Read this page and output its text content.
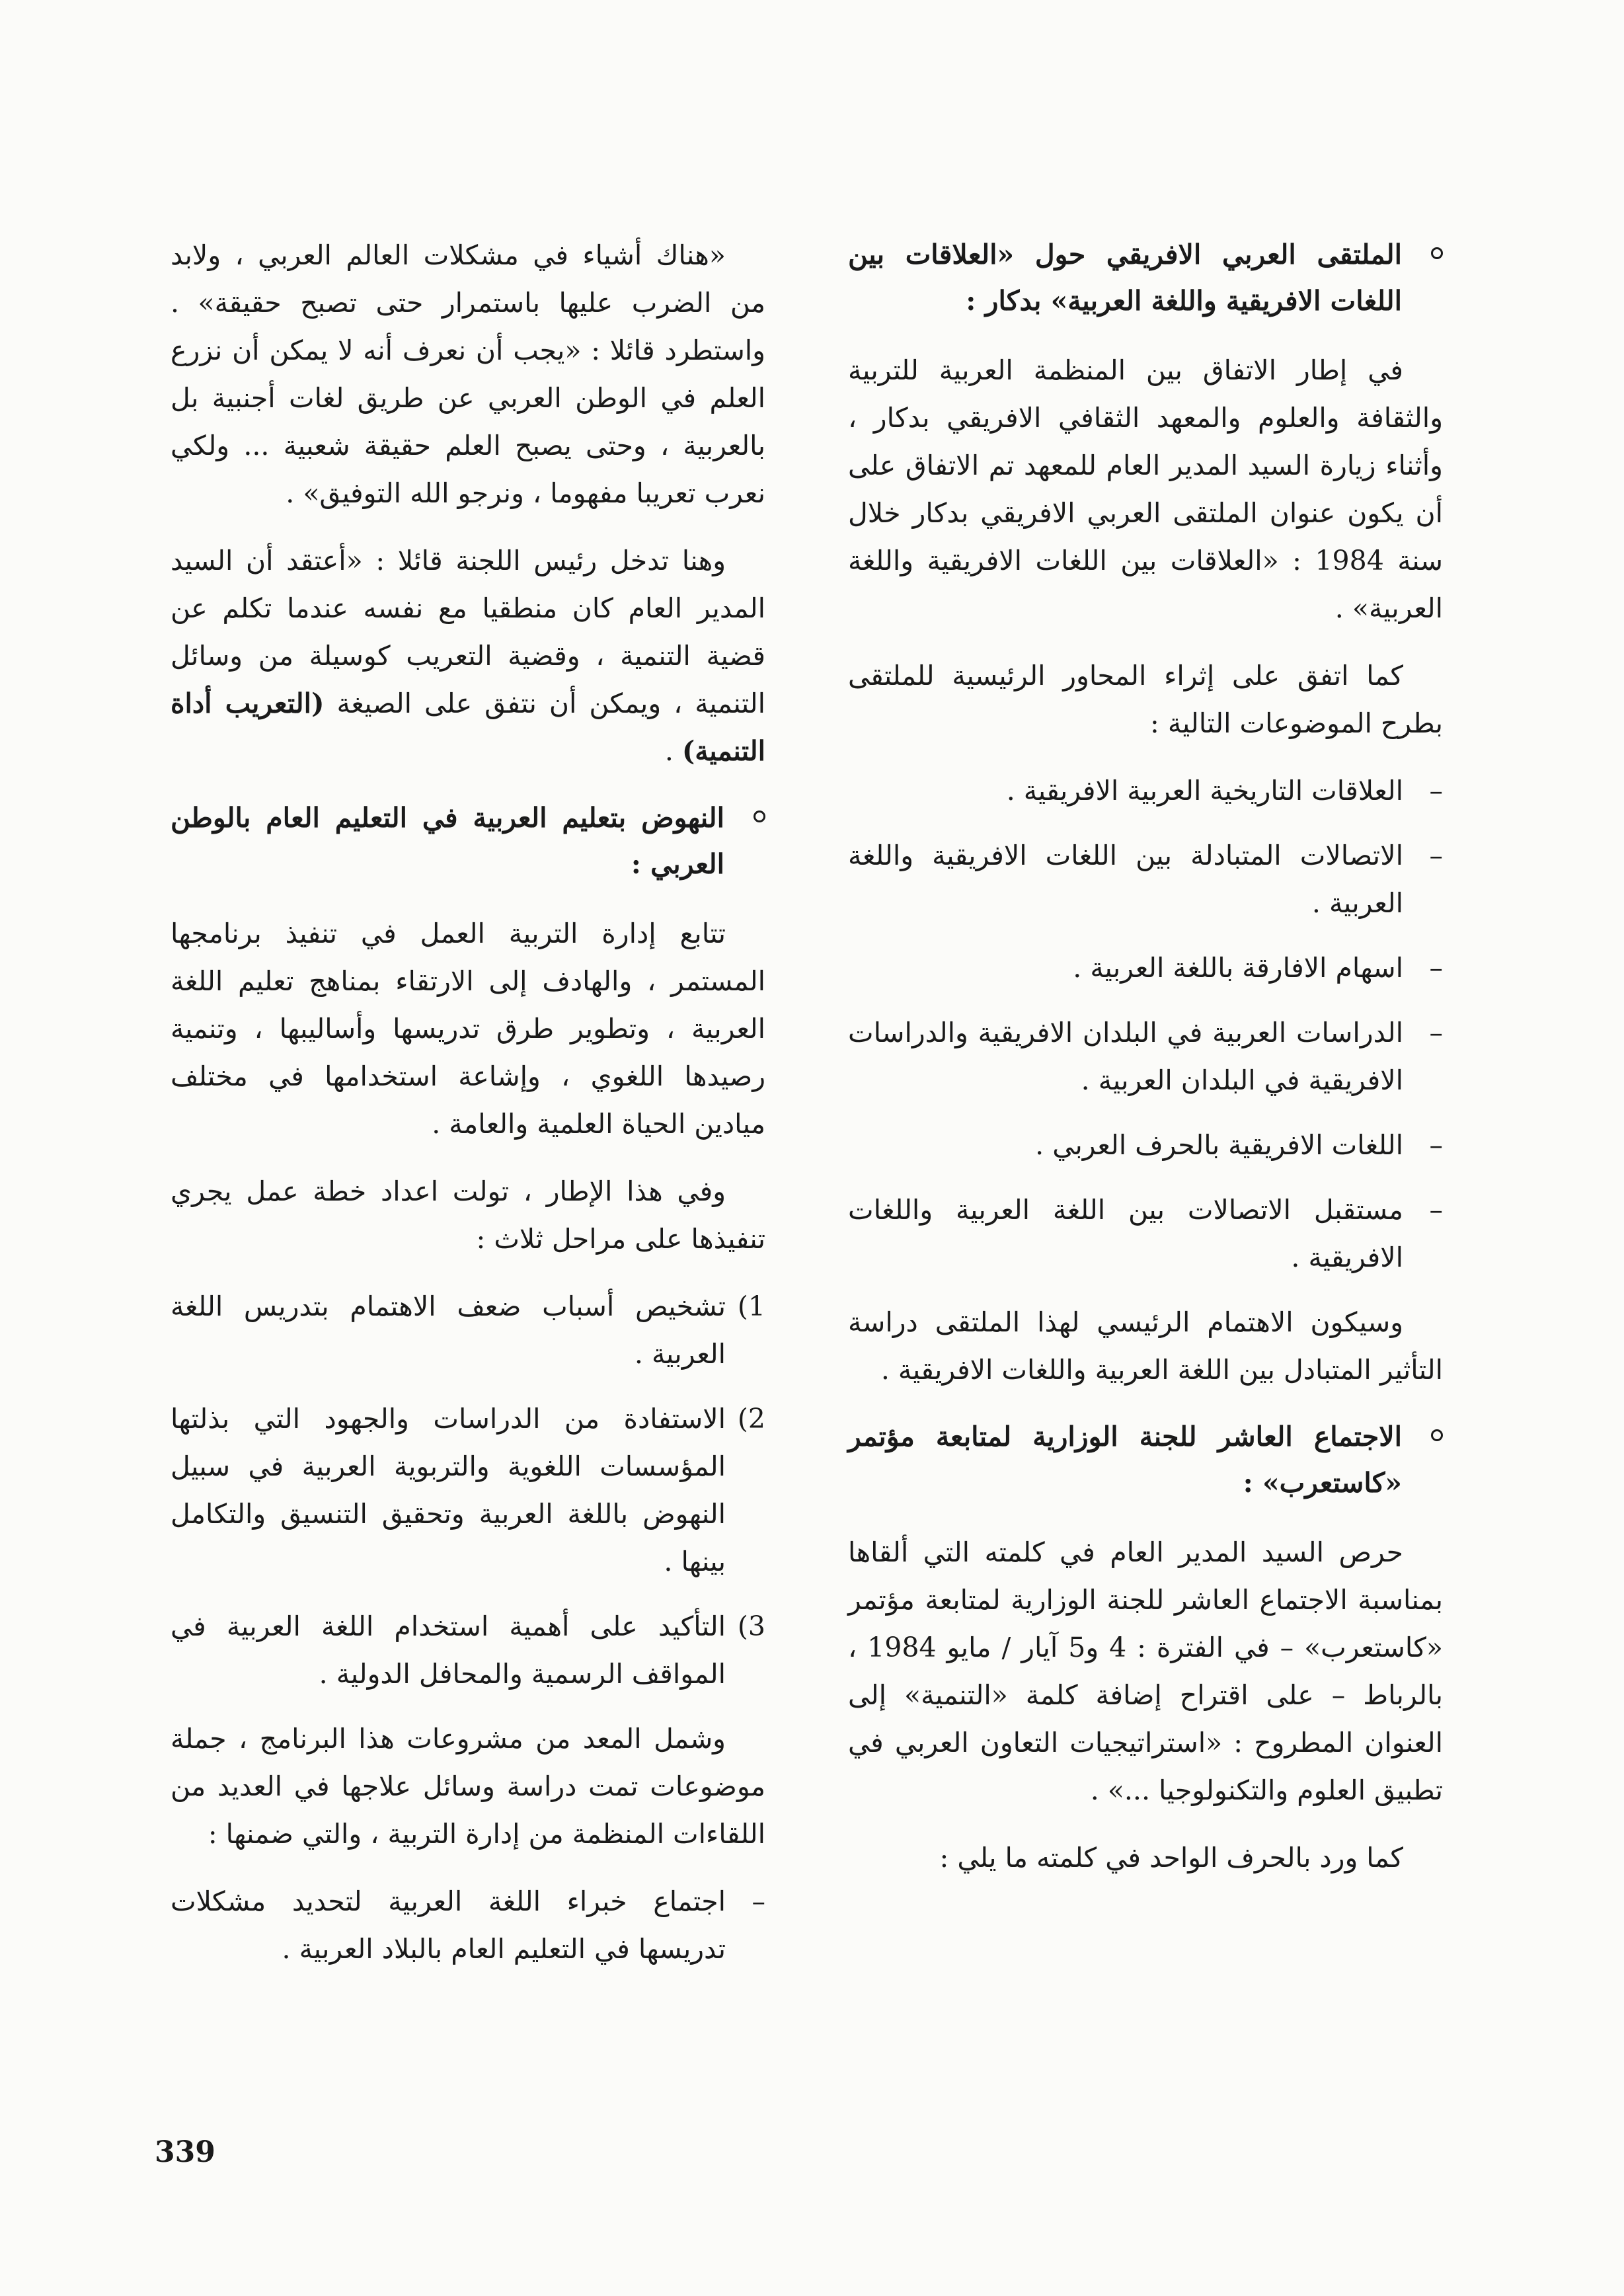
الملتقى العربي الافريقي حول «العلاقات بين اللغات الافريقية واللغة العربية» بدكار :

في إطار الاتفاق بين المنظمة العربية للتربية والثقافة والعلوم والمعهد الثقافي الافريقي بدكار ، وأثناء زيارة السيد المدير العام للمعهد تم الاتفاق على أن يكون عنوان الملتقى العربي الافريقي بدكار خلال سنة 1984 : «العلاقات بين اللغات الافريقية واللغة العربية» .

كما اتفق على إثراء المحاور الرئيسية للملتقى بطرح الموضوعات التالية :

–
العلاقات التاريخية العربية الافريقية .
–
الاتصالات المتبادلة بين اللغات الافريقية واللغة العربية .
–
اسهام الافارقة باللغة العربية .
–
الدراسات العربية في البلدان الافريقية والدراسات الافريقية في البلدان العربية .
–
اللغات الافريقية بالحرف العربي .
–
مستقبل الاتصالات بين اللغة العربية واللغات الافريقية .

وسيكون الاهتمام الرئيسي لهذا الملتقى دراسة التأثير المتبادل بين اللغة العربية واللغات الافريقية .

الاجتماع العاشر للجنة الوزارية لمتابعة مؤتمر «كاستعرب» :

حرص السيد المدير العام في كلمته التي ألقاها بمناسبة الاجتماع العاشر للجنة الوزارية لمتابعة مؤتمر «كاستعرب» – في الفترة : 4 و5 آيار / مايو 1984 ، بالرباط – على اقتراح إضافة كلمة «التنمية» إلى العنوان المطروح : «استراتيجيات التعاون العربي في تطبيق العلوم والتكنولوجيا ...» .

كما ورد بالحرف الواحد في كلمته ما يلي :

«هناك أشياء في مشكلات العالم العربي ، ولابد من الضرب عليها باستمرار حتى تصبح حقيقة» . واستطرد قائلا : «يجب أن نعرف أنه لا يمكن أن نزرع العلم في الوطن العربي عن طريق لغات أجنبية بل بالعربية ، وحتى يصبح العلم حقيقة شعبية ... ولكي نعرب تعريبا مفهوما ، ونرجو الله التوفيق» .

وهنا تدخل رئيس اللجنة قائلا : «أعتقد أن السيد المدير العام كان منطقيا مع نفسه عندما تكلم عن قضية التنمية ، وقضية التعريب كوسيلة من وسائل التنمية ، ويمكن أن نتفق على الصيغة (التعريب أداة التنمية) .

النهوض بتعليم العربية في التعليم العام بالوطن العربي :

تتابع إدارة التربية العمل في تنفيذ برنامجها المستمر ، والهادف إلى الارتقاء بمناهج تعليم اللغة العربية ، وتطوير طرق تدريسها وأساليبها ، وتنمية رصيدها اللغوي ، وإشاعة استخدامها في مختلف ميادين الحياة العلمية والعامة .

وفي هذا الإطار ، تولت اعداد خطة عمل يجري تنفيذها على مراحل ثلاث :

1)
تشخيص أسباب ضعف الاهتمام بتدريس اللغة العربية .
2)
الاستفادة من الدراسات والجهود التي بذلتها المؤسسات اللغوية والتربوية العربية في سبيل النهوض باللغة العربية وتحقيق التنسيق والتكامل بينها .
3)
التأكيد على أهمية استخدام اللغة العربية في المواقف الرسمية والمحافل الدولية .

وشمل المعد من مشروعات هذا البرنامج ، جملة موضوعات تمت دراسة وسائل علاجها في العديد من اللقاءات المنظمة من إدارة التربية ، والتي ضمنها :

–
اجتماع خبراء اللغة العربية لتحديد مشكلات تدريسها في التعليم العام بالبلاد العربية .
339
